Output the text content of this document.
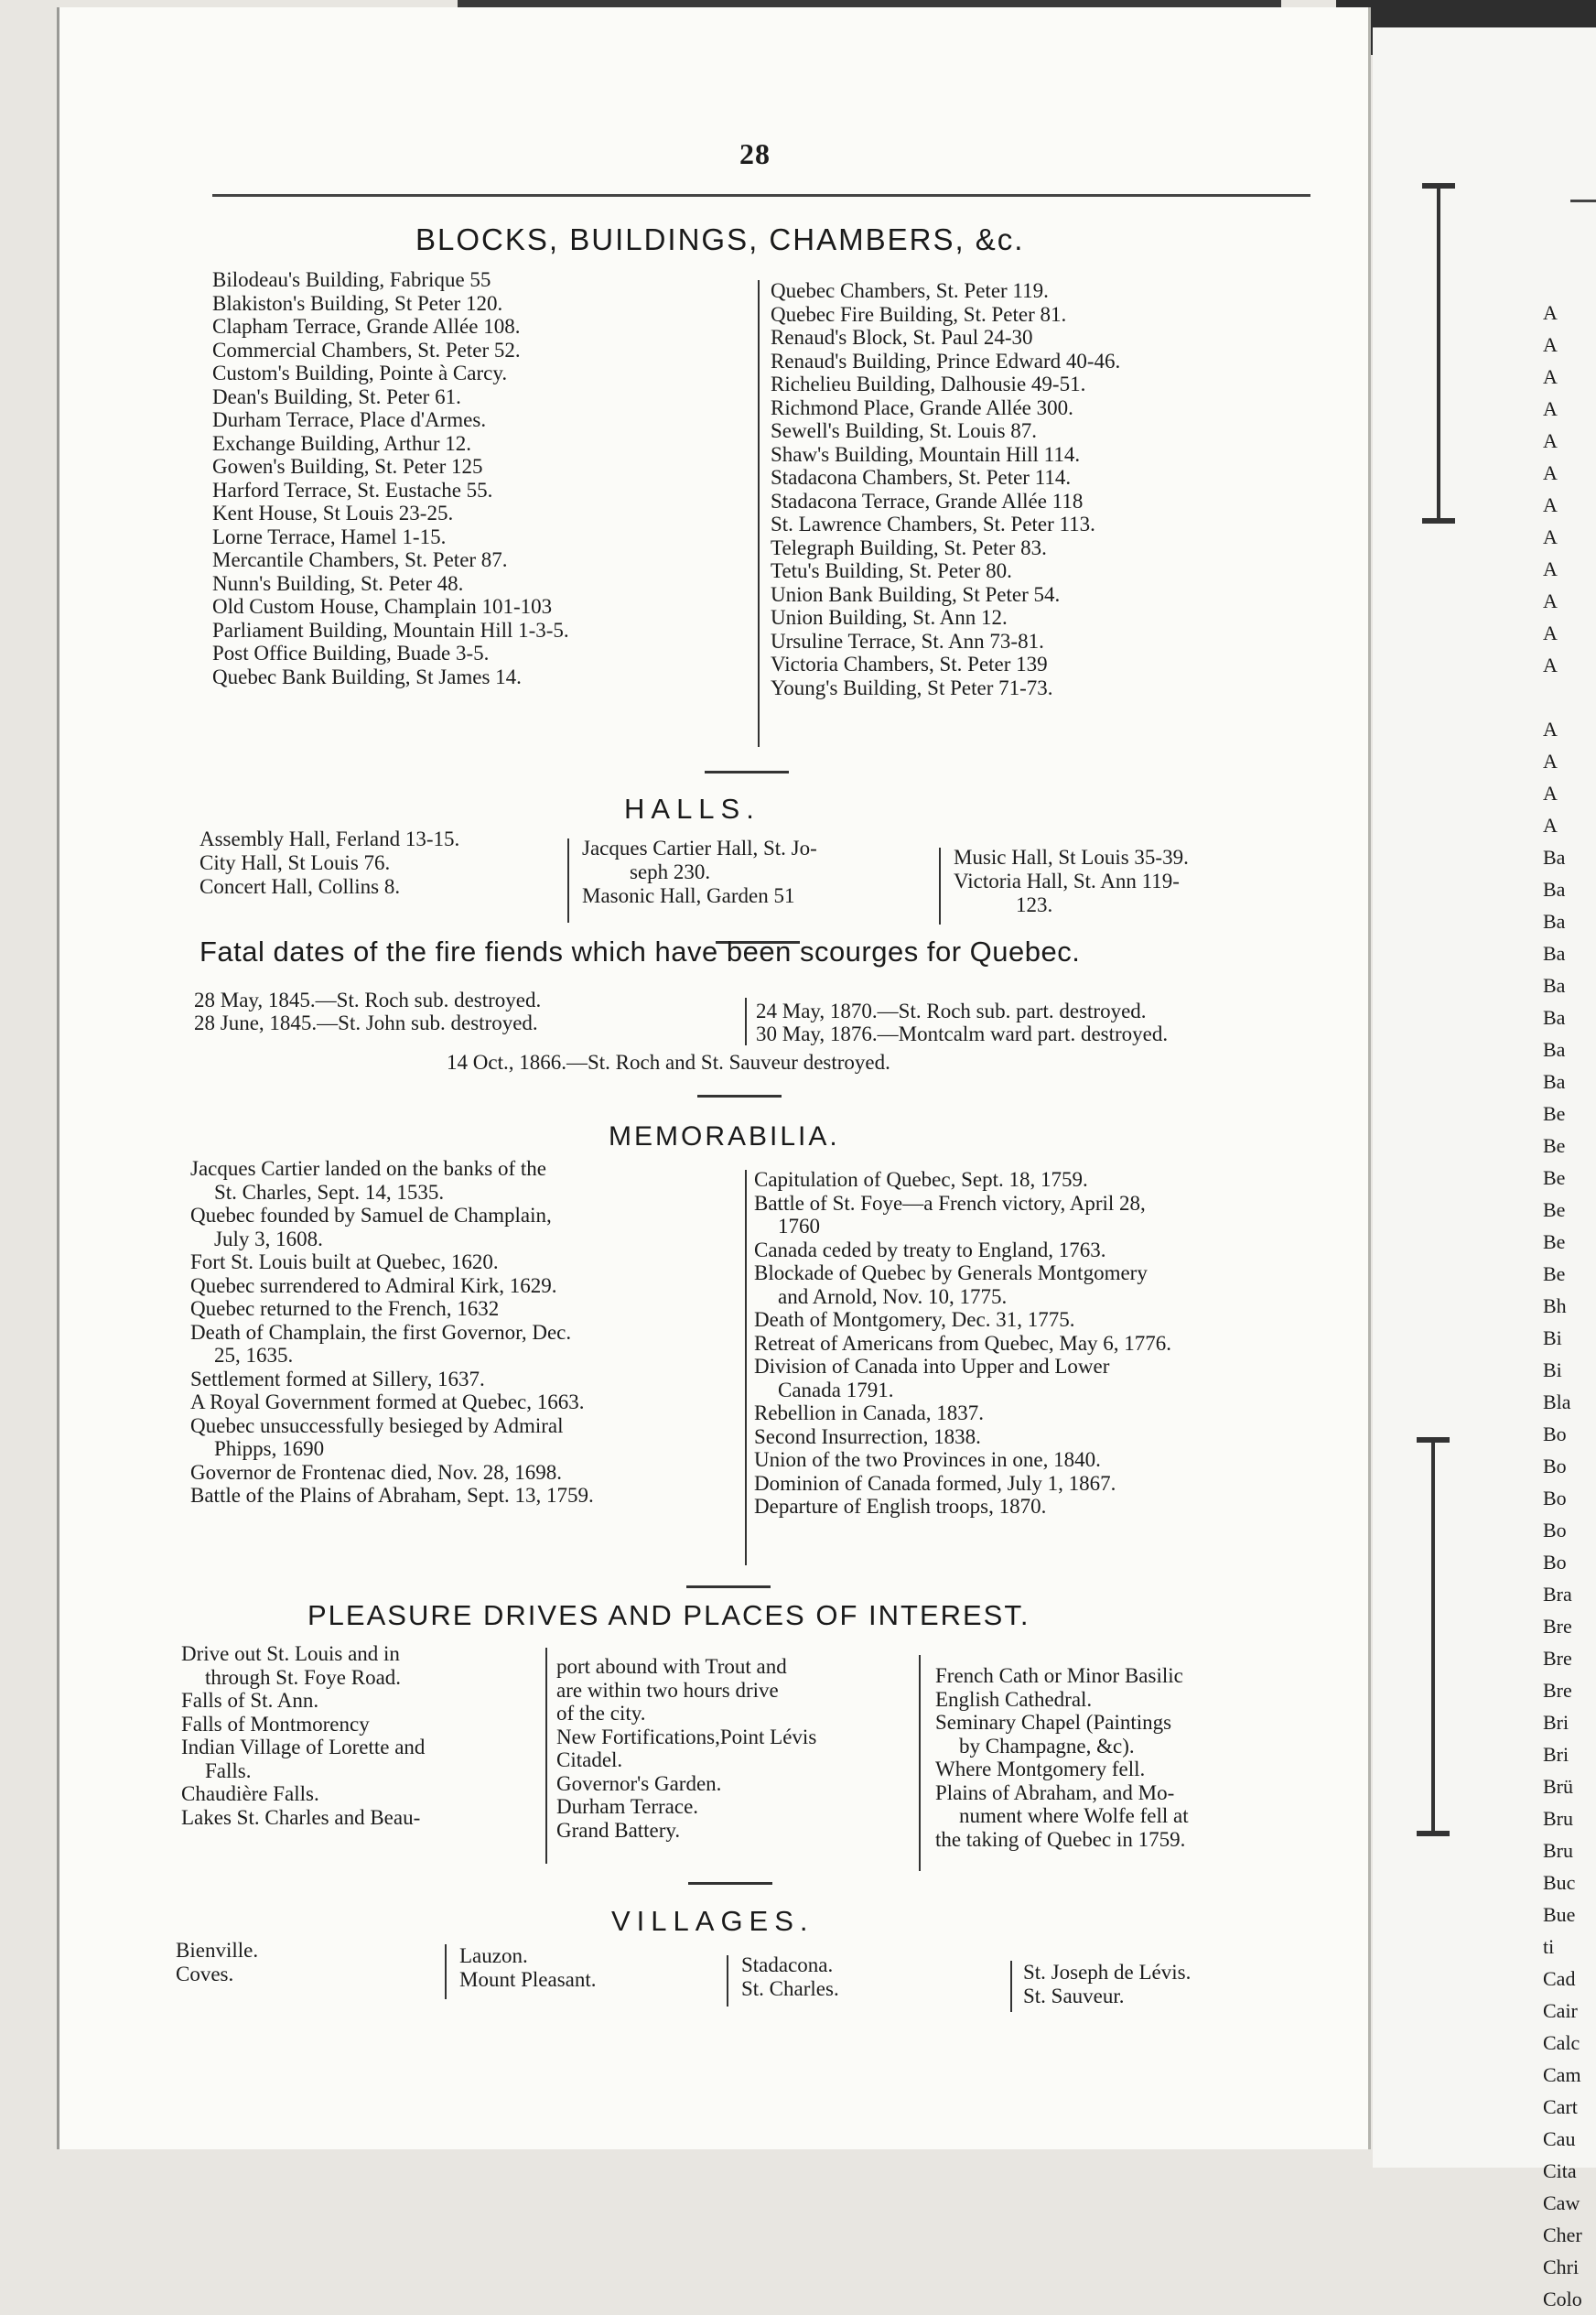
A
A
A
A
A
A
A
A
A
A
A
A
A
A
A
A
Ba
Ba
Ba
Ba
Ba
Ba
Ba
Ba
Be
Be
Be
Be
Be
Be
Bh
Bi
Bi
Bla
Bo
Bo
Bo
Bo
Bo
Bra
Bre
Bre
Bre
Bri
Bri
Brü
Bru
Bru
Buc
Bue
ti
Cad
Cair
Calc
Cam
Cart
Cau
Cita
Caw
Cher
Chri
Colo
28
BLOCKS, BUILDINGS, CHAMBERS, &c.
Bilodeau's Building, Fabrique 55
Blakiston's Building, St Peter 120.
Clapham Terrace, Grande Allée 108.
Commercial Chambers, St. Peter 52.
Custom's Building, Pointe à Carcy.
Dean's Building, St. Peter 61.
Durham Terrace, Place d'Armes.
Exchange Building, Arthur 12.
Gowen's Building, St. Peter 125
Harford Terrace, St. Eustache 55.
Kent House, St Louis 23-25.
Lorne Terrace, Hamel 1-15.
Mercantile Chambers, St. Peter 87.
Nunn's Building, St. Peter 48.
Old Custom House, Champlain 101-103
Parliament Building, Mountain Hill 1-3-5.
Post Office Building, Buade 3-5.
Quebec Bank Building, St James 14.
Quebec Chambers, St. Peter 119.
Quebec Fire Building, St. Peter 81.
Renaud's Block, St. Paul 24-30
Renaud's Building, Prince Edward 40-46.
Richelieu Building, Dalhousie 49-51.
Richmond Place, Grande Allée 300.
Sewell's Building, St. Louis 87.
Shaw's Building, Mountain Hill 114.
Stadacona Chambers, St. Peter 114.
Stadacona Terrace, Grande Allée 118
St. Lawrence Chambers, St. Peter 113.
Telegraph Building, St. Peter 83.
Tetu's Building, St. Peter 80.
Union Bank Building, St Peter 54.
Union Building, St. Ann 12.
Ursuline Terrace, St. Ann 73-81.
Victoria Chambers, St. Peter 139
Young's Building, St Peter 71-73.
HALLS.
Assembly Hall, Ferland 13-15.
City Hall, St Louis 76.
Concert Hall, Collins 8.
Jacques Cartier Hall, St. Jo-
seph 230.
Masonic Hall, Garden 51
Music Hall, St Louis 35-39.
Victoria Hall, St. Ann 119-
123.
Fatal dates of the fire fiends which have been scourges for Quebec.
28 May, 1845.—St. Roch sub. destroyed.
28 June, 1845.—St. John sub. destroyed.
24 May, 1870.—St. Roch sub. part. destroyed.
30 May, 1876.—Montcalm ward part. destroyed.
14 Oct., 1866.—St. Roch and St. Sauveur destroyed.
MEMORABILIA.
Jacques Cartier landed on the banks of the
St. Charles, Sept. 14, 1535.
Quebec founded by Samuel de Champlain,
July 3, 1608.
Fort St. Louis built at Quebec, 1620.
Quebec surrendered to Admiral Kirk, 1629.
Quebec returned to the French, 1632
Death of Champlain, the first Governor, Dec.
25, 1635.
Settlement formed at Sillery, 1637.
A Royal Government formed at Quebec, 1663.
Quebec unsuccessfully besieged by Admiral
Phipps, 1690
Governor de Frontenac died, Nov. 28, 1698.
Battle of the Plains of Abraham, Sept. 13, 1759.
Capitulation of Quebec, Sept. 18, 1759.
Battle of St. Foye—a French victory, April 28,
1760
Canada ceded by treaty to England, 1763.
Blockade of Quebec by Generals Montgomery
and Arnold, Nov. 10, 1775.
Death of Montgomery, Dec. 31, 1775.
Retreat of Americans from Quebec, May 6, 1776.
Division of Canada into Upper and Lower
Canada 1791.
Rebellion in Canada, 1837.
Second Insurrection, 1838.
Union of the two Provinces in one, 1840.
Dominion of Canada formed, July 1, 1867.
Departure of English troops, 1870.
PLEASURE DRIVES AND PLACES OF INTEREST.
Drive out St. Louis and in
through St. Foye Road.
Falls of St. Ann.
Falls of Montmorency
Indian Village of Lorette and
Falls.
Chaudière Falls.
Lakes St. Charles and Beau-
port abound with Trout and
are within two hours drive
of the city.
New Fortifications,Point Lévis
Citadel.
Governor's Garden.
Durham Terrace.
Grand Battery.
French Cath or Minor Basilic
English Cathedral.
Seminary Chapel (Paintings
by Champagne, &c).
Where Montgomery fell.
Plains of Abraham, and Mo-
nument where Wolfe fell at
the taking of Quebec in 1759.
VILLAGES.
Bienville.
Coves.
Lauzon.
Mount Pleasant.
Stadacona.
St. Charles.
St. Joseph de Lévis.
St. Sauveur.
